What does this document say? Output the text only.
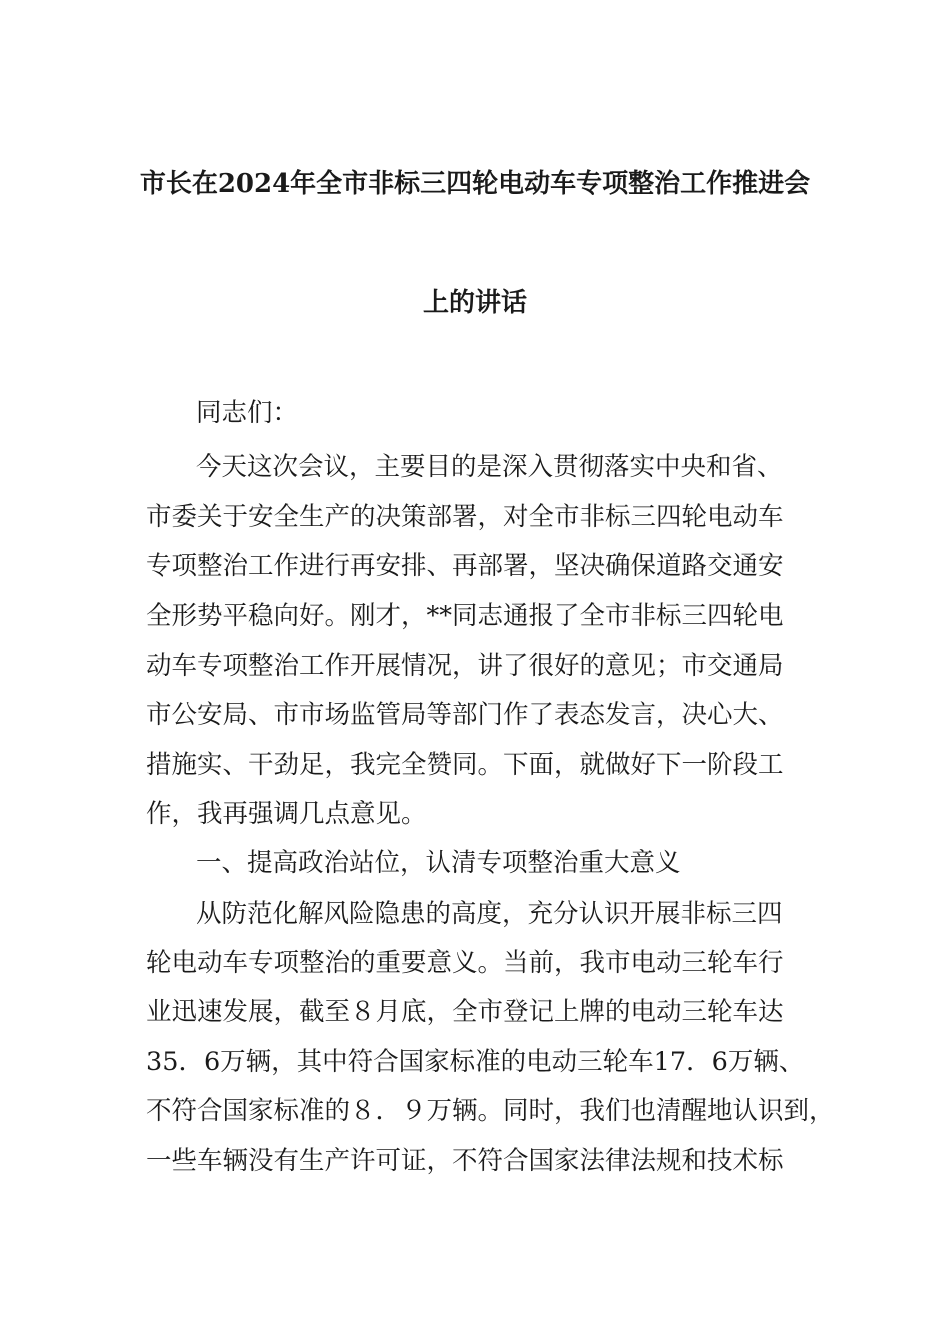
市长在2024年全市非标三四轮电动车专项整治工作推进会
上的讲话
同志们：
今天这次会议，主要目的是深入贯彻落实中央和省、
市委关于安全生产的决策部署，对全市非标三四轮电动车
专项整治工作进行再安排、再部署，坚决确保道路交通安
全形势平稳向好。刚才，**同志通报了全市非标三四轮电
动车专项整治工作开展情况，讲了很好的意见；市交通局
市公安局、市市场监管局等部门作了表态发言，决心大、
措施实、干劲足，我完全赞同。下面，就做好下一阶段工
作，我再强调几点意见。
一、提高政治站位，认清专项整治重大意义
从防范化解风险隐患的高度，充分认识开展非标三四
轮电动车专项整治的重要意义。当前，我市电动三轮车行
业迅速发展，截至８月底，全市登记上牌的电动三轮车达
35．6万辆，其中符合国家标准的电动三轮车17．6万辆、
不符合国家标准的８．９万辆。同时，我们也清醒地认识到，
一些车辆没有生产许可证，不符合国家法律法规和技术标
